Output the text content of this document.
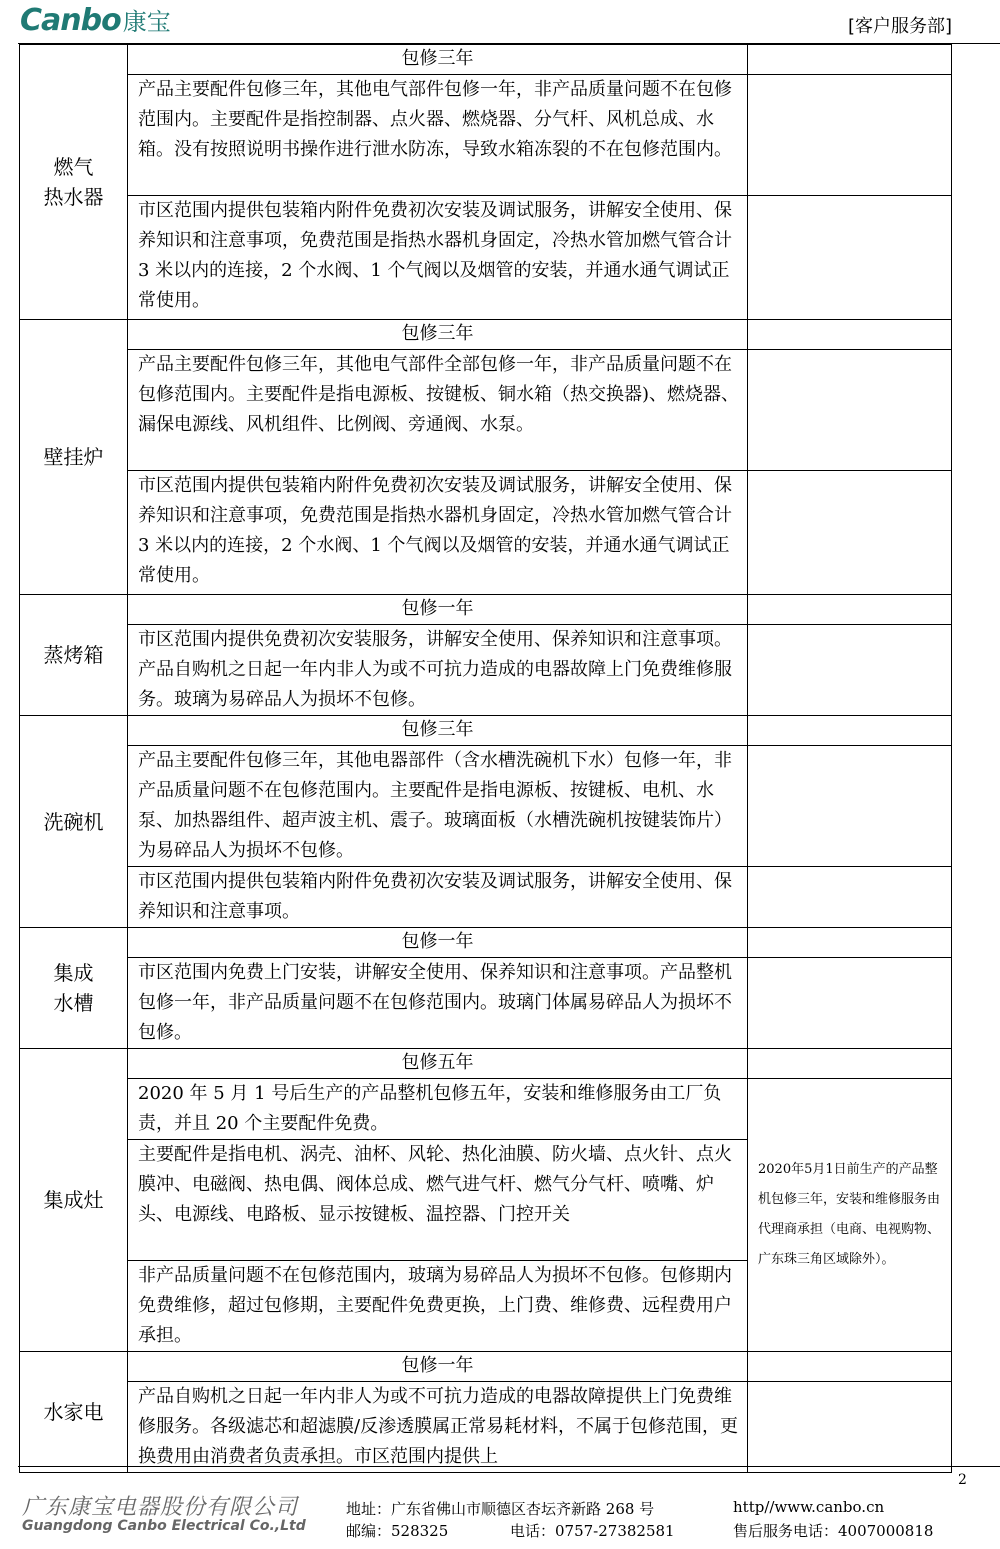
Canbo康宝	[客户服务部]
燃气
热水器	包修三年	
	产品主要配件包修三年，其他电气部件包修一年，非产品质量问题不在包修范围内。主要配件是指控制器、点火器、燃烧器、分气杆、风机总成、水箱。没有按照说明书操作进行泄水防冻，导致水箱冻裂的不在包修范围内。	
	市区范围内提供包装箱内附件免费初次安装及调试服务，讲解安全使用、保养知识和注意事项，免费范围是指热水器机身固定，冷热水管加燃气管合计 3 米以内的连接，2 个水阀、1 个气阀以及烟管的安装，并通水通气调试正常使用。	
壁挂炉	包修三年	
	产品主要配件包修三年，其他电气部件全部包修一年，非产品质量问题不在包修范围内。主要配件是指电源板、按键板、铜水箱（热交换器)、燃烧器、漏保电源线、风机组件、比例阀、旁通阀、水泵。	
	市区范围内提供包装箱内附件免费初次安装及调试服务，讲解安全使用、保养知识和注意事项，免费范围是指热水器机身固定，冷热水管加燃气管合计 3 米以内的连接，2 个水阀、1 个气阀以及烟管的安装，并通水通气调试正常使用。	
蒸烤箱	包修一年	
	市区范围内提供免费初次安装服务，讲解安全使用、保养知识和注意事项。产品自购机之日起一年内非人为或不可抗力造成的电器故障上门免费维修服务。玻璃为易碎品人为损坏不包修。	
洗碗机	包修三年	
	产品主要配件包修三年，其他电器部件（含水槽洗碗机下水）包修一年，非产品质量问题不在包修范围内。主要配件是指电源板、按键板、电机、水泵、加热器组件、超声波主机、震子。玻璃面板（水槽洗碗机按键装饰片）为易碎品人为损坏不包修。	
	市区范围内提供包装箱内附件免费初次安装及调试服务，讲解安全使用、保养知识和注意事项。	
集成
水槽	包修一年	
	市区范围内免费上门安装，讲解安全使用、保养知识和注意事项。产品整机包修一年，非产品质量问题不在包修范围内。玻璃门体属易碎品人为损坏不包修。	
集成灶	包修五年	
	2020 年 5 月 1 号后生产的产品整机包修五年，安装和维修服务由工厂负责，并且 20 个主要配件免费。	2020年5月1日前生产的产品整机包修三年，安装和维修服务由代理商承担（电商、电视购物、广东珠三角区域除外）。
	主要配件是指电机、涡壳、油杯、风轮、热化油膜、防火墙、点火针、点火膜冲、电磁阀、热电偶、阀体总成、燃气进气杆、燃气分气杆、喷嘴、炉头、电源线、电路板、显示按键板、温控器、门控开关	
	非产品质量问题不在包修范围内，玻璃为易碎品人为损坏不包修。包修期内免费维修，超过包修期，主要配件免费更换，上门费、维修费、远程费用户承担。	
水家电	包修一年	
	产品自购机之日起一年内非人为或不可抗力造成的电器故障提供上门免费维修服务。各级滤芯和超滤膜/反渗透膜属正常易耗材料，不属于包修范围，更换费用由消费者负责承担。市区范围内提供上	
2
广东康宝电器股份有限公司
Guangdong Canbo Electrical Co.,Ltd
地址：广东省佛山市顺德区杏坛齐新路 268 号
邮编：528325	电话：0757-27382581
http//www.canbo.cn
售后服务电话：4007000818
